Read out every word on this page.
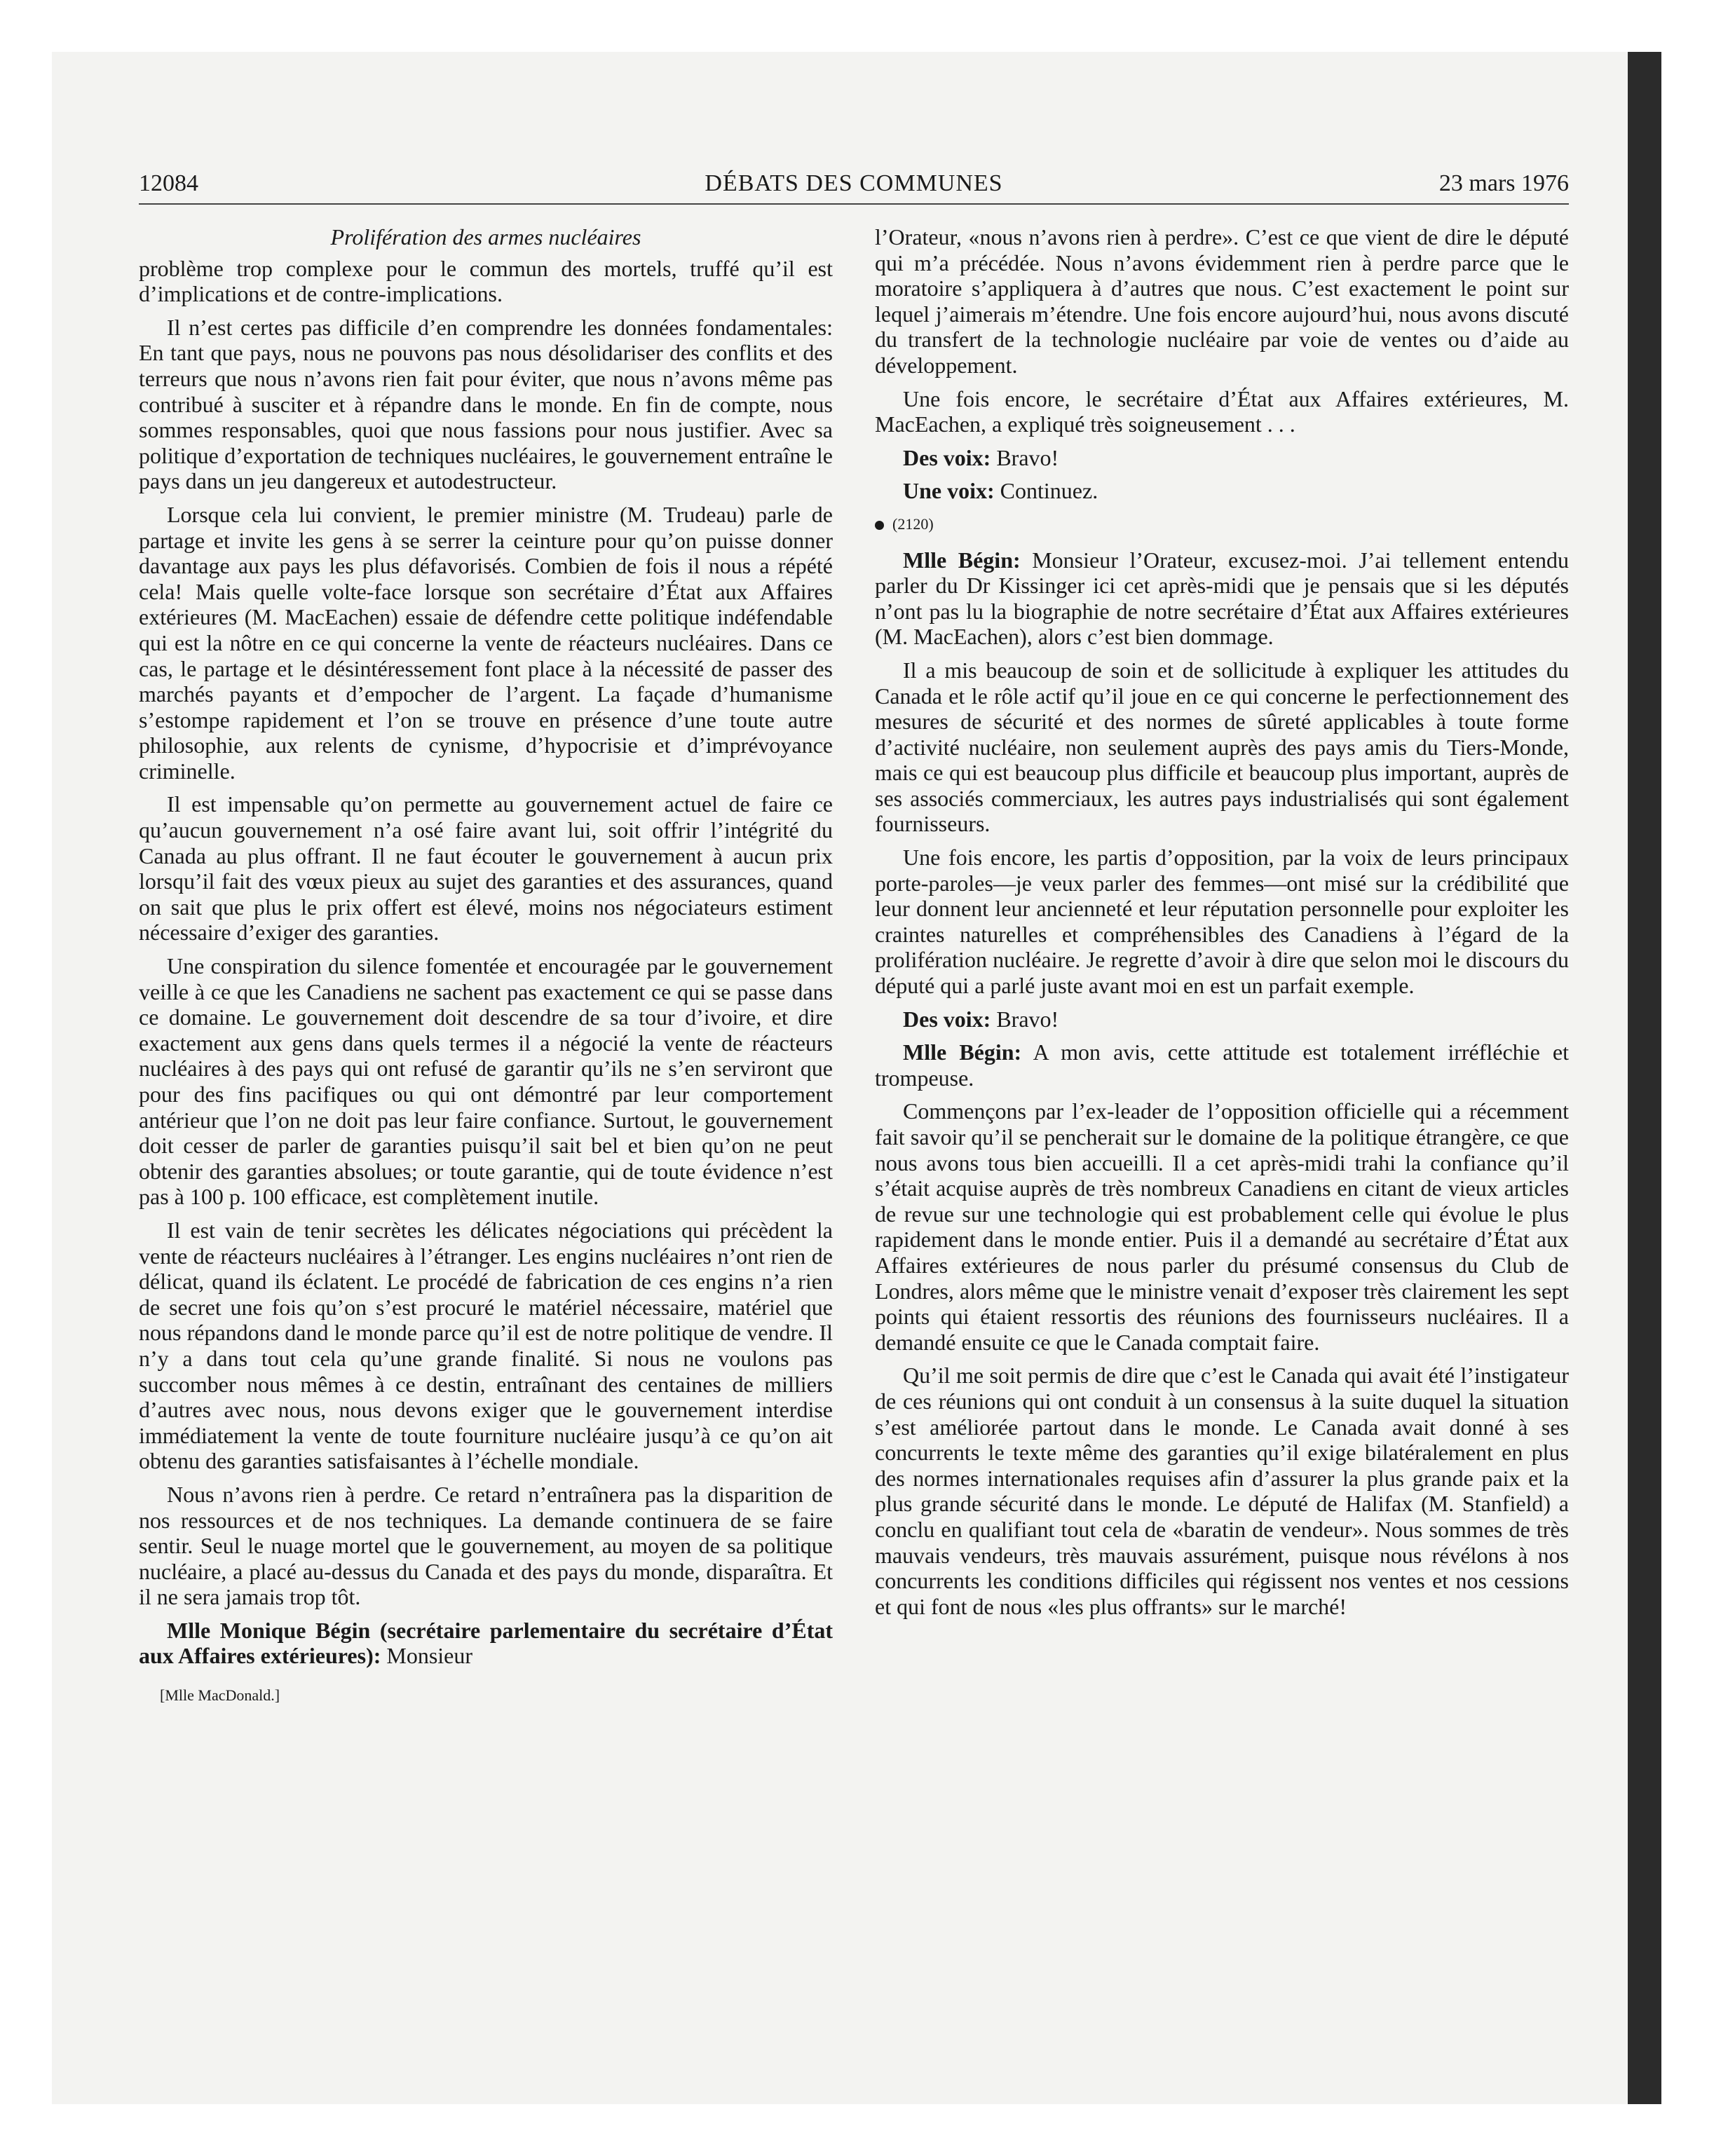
12084	DÉBATS DES COMMUNES	23 mars 1976
Prolifération des armes nucléaires

problème trop complexe pour le commun des mortels, truffé qu’il est d’implications et de contre-implications.

Il n’est certes pas difficile d’en comprendre les données fondamentales: En tant que pays, nous ne pouvons pas nous désolidariser des conflits et des terreurs que nous n’avons rien fait pour éviter, que nous n’avons même pas contribué à susciter et à répandre dans le monde. En fin de compte, nous sommes responsables, quoi que nous fassions pour nous justifier. Avec sa politique d’exportation de techniques nucléaires, le gouvernement entraîne le pays dans un jeu dangereux et autodestructeur.

Lorsque cela lui convient, le premier ministre (M. Trudeau) parle de partage et invite les gens à se serrer la ceinture pour qu’on puisse donner davantage aux pays les plus défavorisés. Combien de fois il nous a répété cela! Mais quelle volte-face lorsque son secrétaire d’État aux Affaires extérieures (M. MacEachen) essaie de défendre cette politique indéfendable qui est la nôtre en ce qui concerne la vente de réacteurs nucléaires. Dans ce cas, le partage et le désintéressement font place à la nécessité de passer des marchés payants et d’empocher de l’argent. La façade d’humanisme s’estompe rapidement et l’on se trouve en présence d’une toute autre philosophie, aux relents de cynisme, d’hypocrisie et d’imprévoyance criminelle.

Il est impensable qu’on permette au gouvernement actuel de faire ce qu’aucun gouvernement n’a osé faire avant lui, soit offrir l’intégrité du Canada au plus offrant. Il ne faut écouter le gouvernement à aucun prix lorsqu’il fait des vœux pieux au sujet des garanties et des assurances, quand on sait que plus le prix offert est élevé, moins nos négociateurs estiment nécessaire d’exiger des garanties.

Une conspiration du silence fomentée et encouragée par le gouvernement veille à ce que les Canadiens ne sachent pas exactement ce qui se passe dans ce domaine. Le gouvernement doit descendre de sa tour d’ivoire, et dire exactement aux gens dans quels termes il a négocié la vente de réacteurs nucléaires à des pays qui ont refusé de garantir qu’ils ne s’en serviront que pour des fins pacifiques ou qui ont démontré par leur comportement antérieur que l’on ne doit pas leur faire confiance. Surtout, le gouvernement doit cesser de parler de garanties puisqu’il sait bel et bien qu’on ne peut obtenir des garanties absolues; or toute garantie, qui de toute évidence n’est pas à 100 p. 100 efficace, est complètement inutile.

Il est vain de tenir secrètes les délicates négociations qui précèdent la vente de réacteurs nucléaires à l’étranger. Les engins nucléaires n’ont rien de délicat, quand ils éclatent. Le procédé de fabrication de ces engins n’a rien de secret une fois qu’on s’est procuré le matériel nécessaire, matériel que nous répandons dand le monde parce qu’il est de notre politique de vendre. Il n’y a dans tout cela qu’une grande finalité. Si nous ne voulons pas succomber nous mêmes à ce destin, entraînant des centaines de milliers d’autres avec nous, nous devons exiger que le gouvernement interdise immédiatement la vente de toute fourniture nucléaire jusqu’à ce qu’on ait obtenu des garanties satisfaisantes à l’échelle mondiale.

Nous n’avons rien à perdre. Ce retard n’entraînera pas la disparition de nos ressources et de nos techniques. La demande continuera de se faire sentir. Seul le nuage mortel que le gouvernement, au moyen de sa politique nucléaire, a placé au-dessus du Canada et des pays du monde, disparaîtra. Et il ne sera jamais trop tôt.

Mlle Monique Bégin (secrétaire parlementaire du secrétaire d’État aux Affaires extérieures): Monsieur

[Mlle MacDonald.]

l’Orateur, «nous n’avons rien à perdre». C’est ce que vient de dire le député qui m’a précédée. Nous n’avons évidemment rien à perdre parce que le moratoire s’appliquera à d’autres que nous. C’est exactement le point sur lequel j’aimerais m’étendre. Une fois encore aujourd’hui, nous avons discuté du transfert de la technologie nucléaire par voie de ventes ou d’aide au développement.

Une fois encore, le secrétaire d’État aux Affaires extérieures, M. MacEachen, a expliqué très soigneusement . . .

Des voix: Bravo!

Une voix: Continuez.

(2120)

Mlle Bégin: Monsieur l’Orateur, excusez-moi. J’ai tellement entendu parler du Dr Kissinger ici cet après-midi que je pensais que si les députés n’ont pas lu la biographie de notre secrétaire d’État aux Affaires extérieures (M. MacEachen), alors c’est bien dommage.

Il a mis beaucoup de soin et de sollicitude à expliquer les attitudes du Canada et le rôle actif qu’il joue en ce qui concerne le perfectionnement des mesures de sécurité et des normes de sûreté applicables à toute forme d’activité nucléaire, non seulement auprès des pays amis du Tiers-Monde, mais ce qui est beaucoup plus difficile et beaucoup plus important, auprès de ses associés commerciaux, les autres pays industrialisés qui sont également fournisseurs.

Une fois encore, les partis d’opposition, par la voix de leurs principaux porte-paroles—je veux parler des femmes—ont misé sur la crédibilité que leur donnent leur ancienneté et leur réputation personnelle pour exploiter les craintes naturelles et compréhensibles des Canadiens à l’égard de la prolifération nucléaire. Je regrette d’avoir à dire que selon moi le discours du député qui a parlé juste avant moi en est un parfait exemple.

Des voix: Bravo!

Mlle Bégin: A mon avis, cette attitude est totalement irréfléchie et trompeuse.

Commençons par l’ex-leader de l’opposition officielle qui a récemment fait savoir qu’il se pencherait sur le domaine de la politique étrangère, ce que nous avons tous bien accueilli. Il a cet après-midi trahi la confiance qu’il s’était acquise auprès de très nombreux Canadiens en citant de vieux articles de revue sur une technologie qui est probablement celle qui évolue le plus rapidement dans le monde entier. Puis il a demandé au secrétaire d’État aux Affaires extérieures de nous parler du présumé consensus du Club de Londres, alors même que le ministre venait d’exposer très clairement les sept points qui étaient ressortis des réunions des fournisseurs nucléaires. Il a demandé ensuite ce que le Canada comptait faire.

Qu’il me soit permis de dire que c’est le Canada qui avait été l’instigateur de ces réunions qui ont conduit à un consensus à la suite duquel la situation s’est améliorée partout dans le monde. Le Canada avait donné à ses concurrents le texte même des garanties qu’il exige bilatéralement en plus des normes internationales requises afin d’assurer la plus grande paix et la plus grande sécurité dans le monde. Le député de Halifax (M. Stanfield) a conclu en qualifiant tout cela de «baratin de vendeur». Nous sommes de très mauvais vendeurs, très mauvais assurément, puisque nous révélons à nos concurrents les conditions difficiles qui régissent nos ventes et nos cessions et qui font de nous «les plus offrants» sur le marché!
